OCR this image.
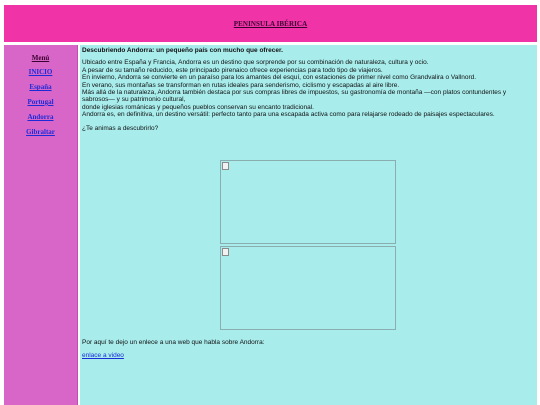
PENINSULA IBÉRICA
Menú
INICIO
España
Portugal
Andorra
Gibraltar

Descubriendo Andorra: un pequeño país con mucho que ofrecer.

Ubicado entre España y Francia, Andorra es un destino que sorprende por su combinación de naturaleza, cultura y ocio.

A pesar de su tamaño reducido, este principado pirenaico ofrece experiencias para todo tipo de viajeros.

En invierno, Andorra se convierte en un paraíso para los amantes del esquí, con estaciones de primer nivel como Grandvalira o Vallnord.

En verano, sus montañas se transforman en rutas ideales para senderismo, ciclismo y escapadas al aire libre.

Más allá de la naturaleza, Andorra también destaca por sus compras libres de impuestos, su gastronomía de montaña —con platos contundentes y

sabrosos— y su patrimonio cultural,

donde iglesias románicas y pequeños pueblos conservan su encanto tradicional.

Andorra es, en definitiva, un destino versátil: perfecto tanto para una escapada activa como para relajarse rodeado de paisajes espectaculares.

¿Te animas a descubrirlo?

Por aquí te dejo un enlece a una web que habla sobre Andorra:

enlace a video
